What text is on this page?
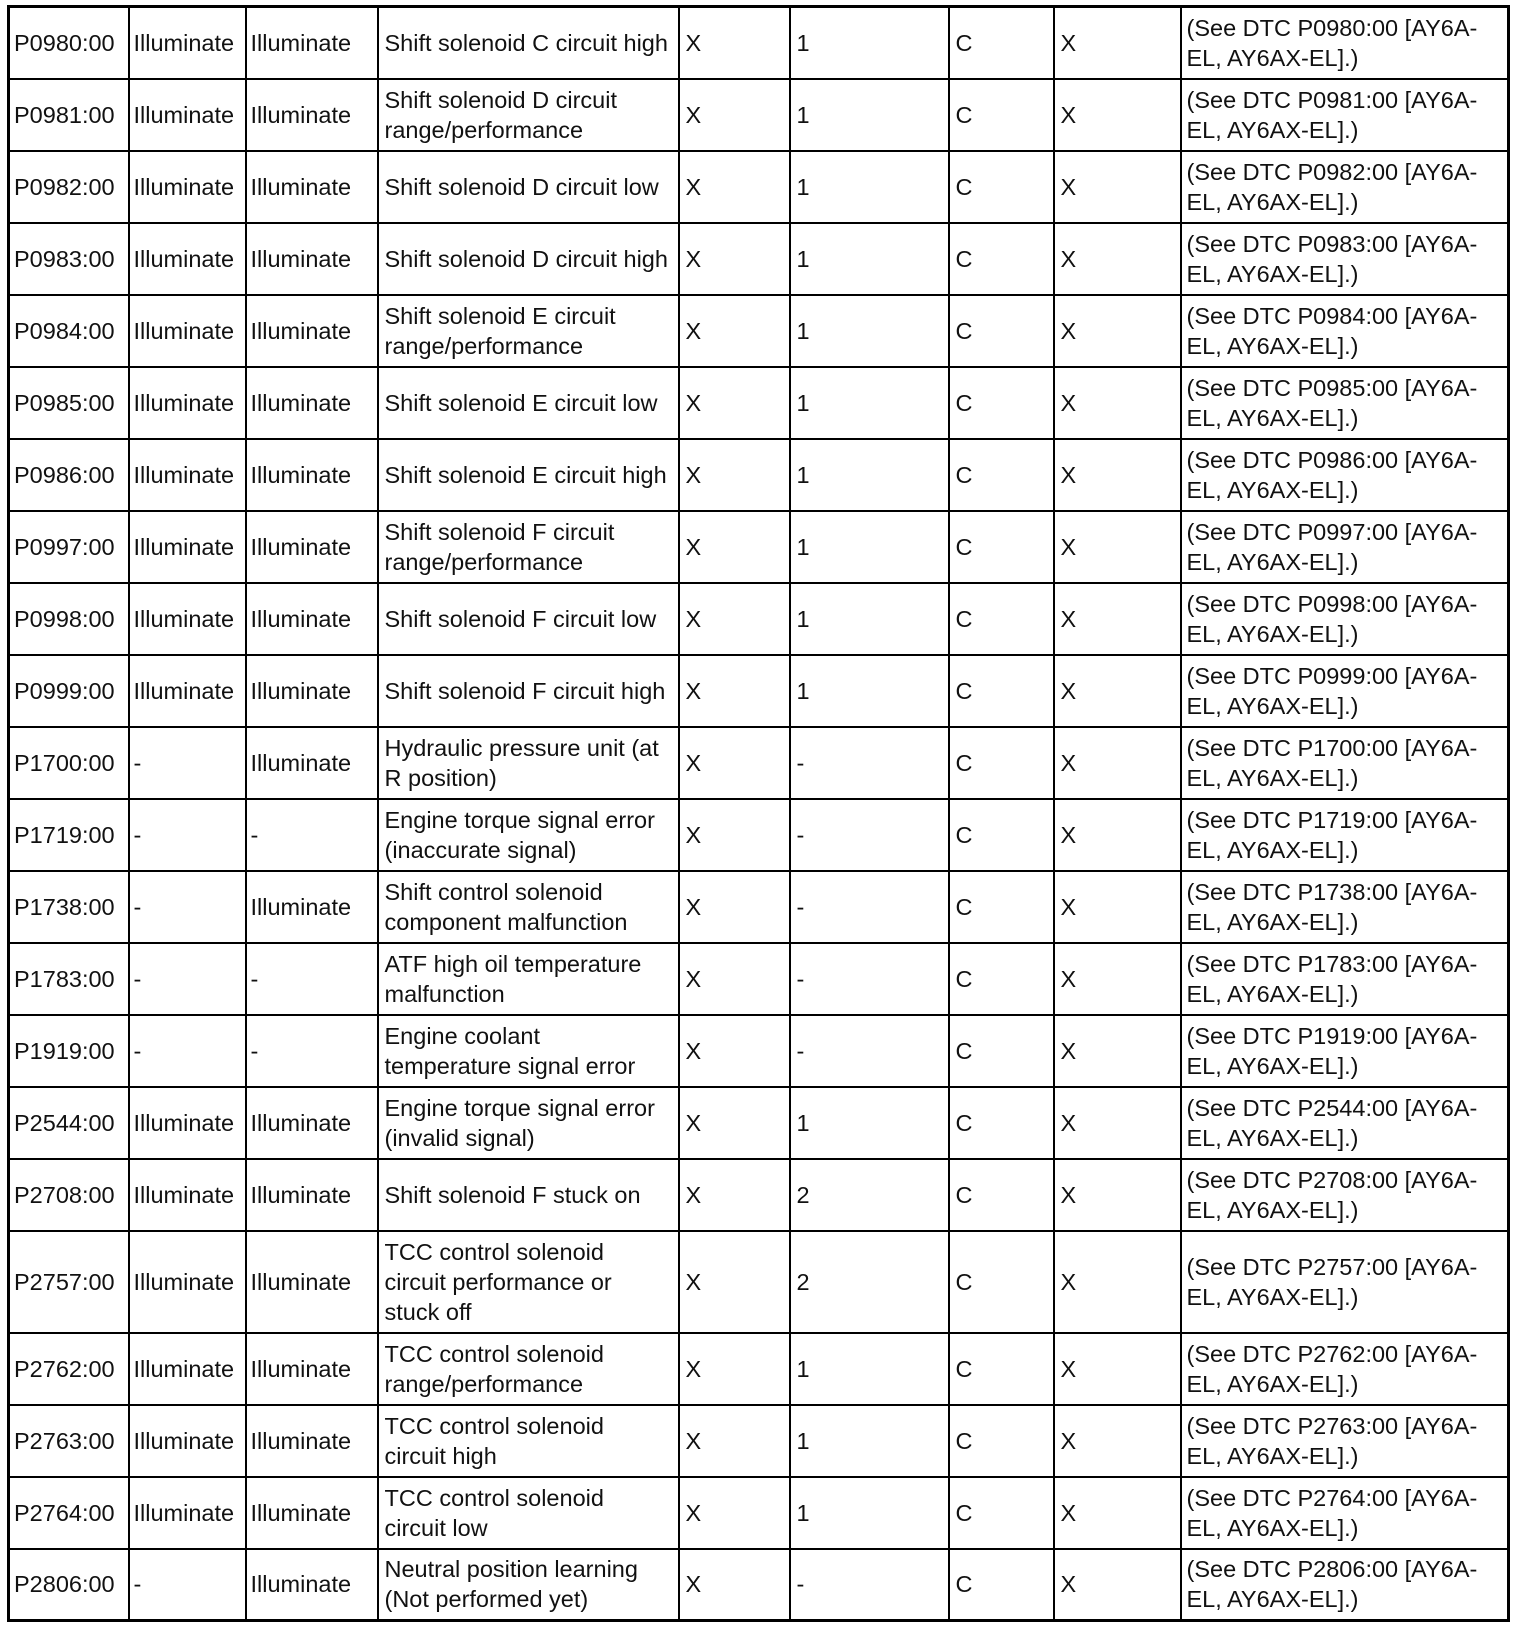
P0980:00	Illuminate	Illuminate	Shift solenoid C circuit high	X	1	C	X	(See DTC P0980:00 [AY6A-EL, AY6AX-EL].)
P0981:00	Illuminate	Illuminate	Shift solenoid D circuit range/performance	X	1	C	X	(See DTC P0981:00 [AY6A-EL, AY6AX-EL].)
P0982:00	Illuminate	Illuminate	Shift solenoid D circuit low	X	1	C	X	(See DTC P0982:00 [AY6A-EL, AY6AX-EL].)
P0983:00	Illuminate	Illuminate	Shift solenoid D circuit high	X	1	C	X	(See DTC P0983:00 [AY6A-EL, AY6AX-EL].)
P0984:00	Illuminate	Illuminate	Shift solenoid E circuit range/performance	X	1	C	X	(See DTC P0984:00 [AY6A-EL, AY6AX-EL].)
P0985:00	Illuminate	Illuminate	Shift solenoid E circuit low	X	1	C	X	(See DTC P0985:00 [AY6A-EL, AY6AX-EL].)
P0986:00	Illuminate	Illuminate	Shift solenoid E circuit high	X	1	C	X	(See DTC P0986:00 [AY6A-EL, AY6AX-EL].)
P0997:00	Illuminate	Illuminate	Shift solenoid F circuit range/performance	X	1	C	X	(See DTC P0997:00 [AY6A-EL, AY6AX-EL].)
P0998:00	Illuminate	Illuminate	Shift solenoid F circuit low	X	1	C	X	(See DTC P0998:00 [AY6A-EL, AY6AX-EL].)
P0999:00	Illuminate	Illuminate	Shift solenoid F circuit high	X	1	C	X	(See DTC P0999:00 [AY6A-EL, AY6AX-EL].)
P1700:00	-	Illuminate	Hydraulic pressure unit (at R position)	X	-	C	X	(See DTC P1700:00 [AY6A-EL, AY6AX-EL].)
P1719:00	-	-	Engine torque signal error (inaccurate signal)	X	-	C	X	(See DTC P1719:00 [AY6A-EL, AY6AX-EL].)
P1738:00	-	Illuminate	Shift control solenoid component malfunction	X	-	C	X	(See DTC P1738:00 [AY6A-EL, AY6AX-EL].)
P1783:00	-	-	ATF high oil temperature malfunction	X	-	C	X	(See DTC P1783:00 [AY6A-EL, AY6AX-EL].)
P1919:00	-	-	Engine coolant temperature signal error	X	-	C	X	(See DTC P1919:00 [AY6A-EL, AY6AX-EL].)
P2544:00	Illuminate	Illuminate	Engine torque signal error (invalid signal)	X	1	C	X	(See DTC P2544:00 [AY6A-EL, AY6AX-EL].)
P2708:00	Illuminate	Illuminate	Shift solenoid F stuck on	X	2	C	X	(See DTC P2708:00 [AY6A-EL, AY6AX-EL].)
P2757:00	Illuminate	Illuminate	TCC control solenoid circuit performance or stuck off	X	2	C	X	(See DTC P2757:00 [AY6A-EL, AY6AX-EL].)
P2762:00	Illuminate	Illuminate	TCC control solenoid range/performance	X	1	C	X	(See DTC P2762:00 [AY6A-EL, AY6AX-EL].)
P2763:00	Illuminate	Illuminate	TCC control solenoid circuit high	X	1	C	X	(See DTC P2763:00 [AY6A-EL, AY6AX-EL].)
P2764:00	Illuminate	Illuminate	TCC control solenoid circuit low	X	1	C	X	(See DTC P2764:00 [AY6A-EL, AY6AX-EL].)
P2806:00	-	Illuminate	Neutral position learning (Not performed yet)	X	-	C	X	(See DTC P2806:00 [AY6A-EL, AY6AX-EL].)
